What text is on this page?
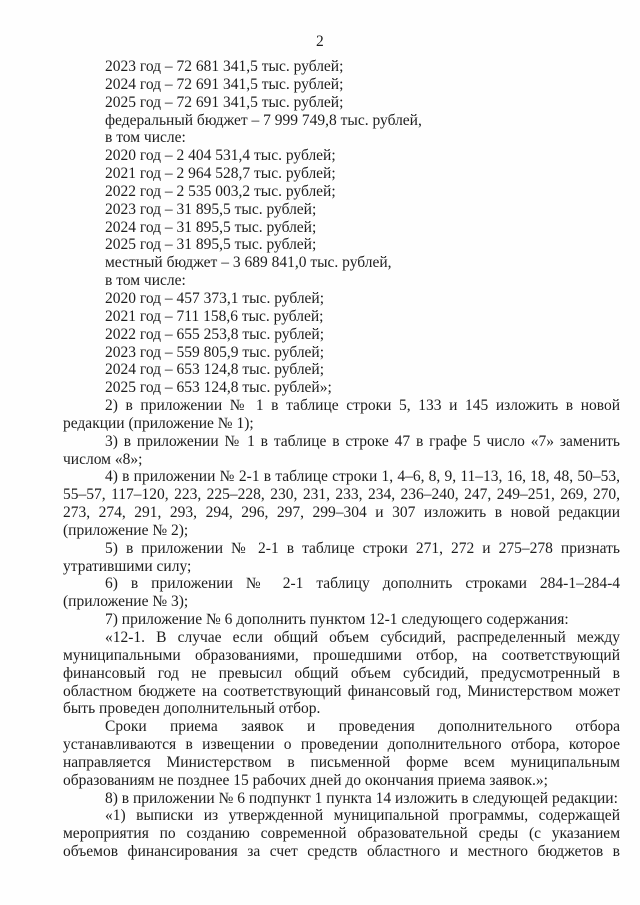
2
2023 год – 72 681 341,5 тыс. рублей;
2024 год – 72 691 341,5 тыс. рублей;
2025 год – 72 691 341,5 тыс. рублей;
федеральный бюджет – 7 999 749,8 тыс. рублей,
в том числе:
2020 год – 2 404 531,4 тыс. рублей;
2021 год – 2 964 528,7 тыс. рублей;
2022 год – 2 535 003,2 тыс. рублей;
2023 год – 31 895,5 тыс. рублей;
2024 год – 31 895,5 тыс. рублей;
2025 год – 31 895,5 тыс. рублей;
местный бюджет – 3 689 841,0 тыс. рублей,
в том числе:
2020 год – 457 373,1 тыс. рублей;
2021 год – 711 158,6 тыс. рублей;
2022 год – 655 253,8 тыс. рублей;
2023 год – 559 805,9 тыс. рублей;
2024 год – 653 124,8 тыс. рублей;
2025 год – 653 124,8 тыс. рублей»;
2) в приложении № 1 в таблице строки 5, 133 и 145 изложить в новой
редакции (приложение № 1);
3) в приложении № 1 в таблице в строке 47 в графе 5 число «7» заменить
числом «8»;
4) в приложении № 2-1 в таблице строки 1, 4–6, 8, 9, 11–13, 16, 18, 48, 50–53,
55–57, 117–120, 223, 225–228, 230, 231, 233, 234, 236–240, 247, 249–251, 269, 270,
273, 274, 291, 293, 294, 296, 297, 299–304 и 307 изложить в новой редакции
(приложение № 2);
5) в приложении № 2-1 в таблице строки 271, 272 и 275–278 признать
утратившими силу;
6) в приложении № 2-1 таблицу дополнить строками 284-1–284-4
(приложение № 3);
7) приложение № 6 дополнить пунктом 12-1 следующего содержания:
«12-1. В случае если общий объем субсидий, распределенный между
муниципальными образованиями, прошедшими отбор, на соответствующий
финансовый год не превысил общий объем субсидий, предусмотренный в
областном бюджете на соответствующий финансовый год, Министерством может
быть проведен дополнительный отбор.
Сроки приема заявок и проведения дополнительного отбора
устанавливаются в извещении о проведении дополнительного отбора, которое
направляется Министерством в письменной форме всем муниципальным
образованиям не позднее 15 рабочих дней до окончания приема заявок.»;
8) в приложении № 6 подпункт 1 пункта 14 изложить в следующей редакции:
«1) выписки из утвержденной муниципальной программы, содержащей
мероприятия по созданию современной образовательной среды (с указанием
объемов финансирования за счет средств областного и местного бюджетов в
